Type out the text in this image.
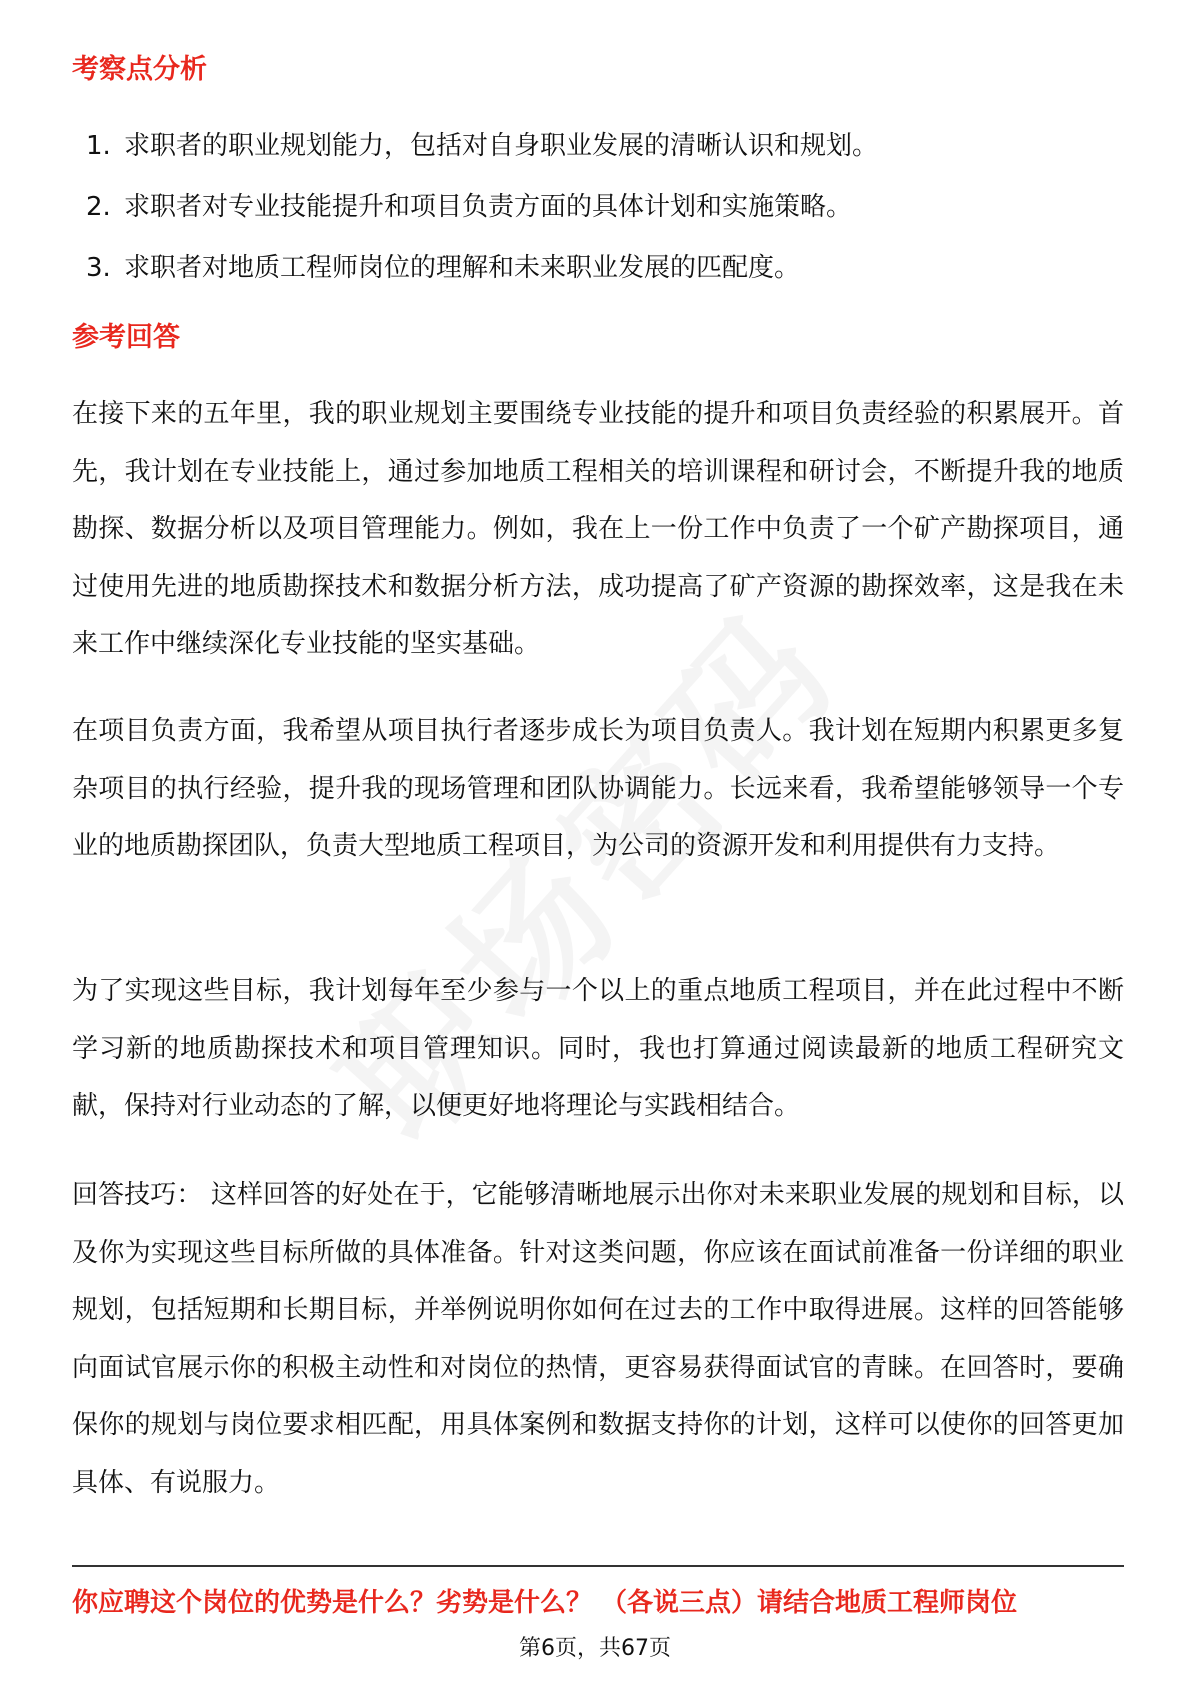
考察点分析
1. 求职者的职业规划能力，包括对自身职业发展的清晰认识和规划。
2. 求职者对专业技能提升和项目负责方面的具体计划和实施策略。
3. 求职者对地质工程师岗位的理解和未来职业发展的匹配度。
参考回答

在接下来的五年里，我的职业规划主要围绕专业技能的提升和项目负责经验的积累展开。首先，我计划在专业技能上，通过参加地质工程相关的培训课程和研讨会，不断提升我的地质勘探、数据分析以及项目管理能力。例如，我在上一份工作中负责了一个矿产勘探项目，通过使用先进的地质勘探技术和数据分析方法，成功提高了矿产资源的勘探效率，这是我在未来工作中继续深化专业技能的坚实基础。

在项目负责方面，我希望从项目执行者逐步成长为项目负责人。我计划在短期内积累更多复杂项目的执行经验，提升我的现场管理和团队协调能力。长远来看，我希望能够领导一个专业的地质勘探团队，负责大型地质工程项目，为公司的资源开发和利用提供有力支持。

为了实现这些目标，我计划每年至少参与一个以上的重点地质工程项目，并在此过程中不断学习新的地质勘探技术和项目管理知识。同时，我也打算通过阅读最新的地质工程研究文献，保持对行业动态的了解，以便更好地将理论与实践相结合。

回答技巧： 这样回答的好处在于，它能够清晰地展示出你对未来职业发展的规划和目标，以及你为实现这些目标所做的具体准备。针对这类问题，你应该在面试前准备一份详细的职业规划，包括短期和长期目标，并举例说明你如何在过去的工作中取得进展。这样的回答能够向面试官展示你的积极主动性和对岗位的热情，更容易获得面试官的青睐。在回答时，要确保你的规划与岗位要求相匹配，用具体案例和数据支持你的计划，这样可以使你的回答更加具体、有说服力。

你应聘这个岗位的优势是什么？劣势是什么？ （各说三点）请结合地质工程师岗位
第6页，共67页
